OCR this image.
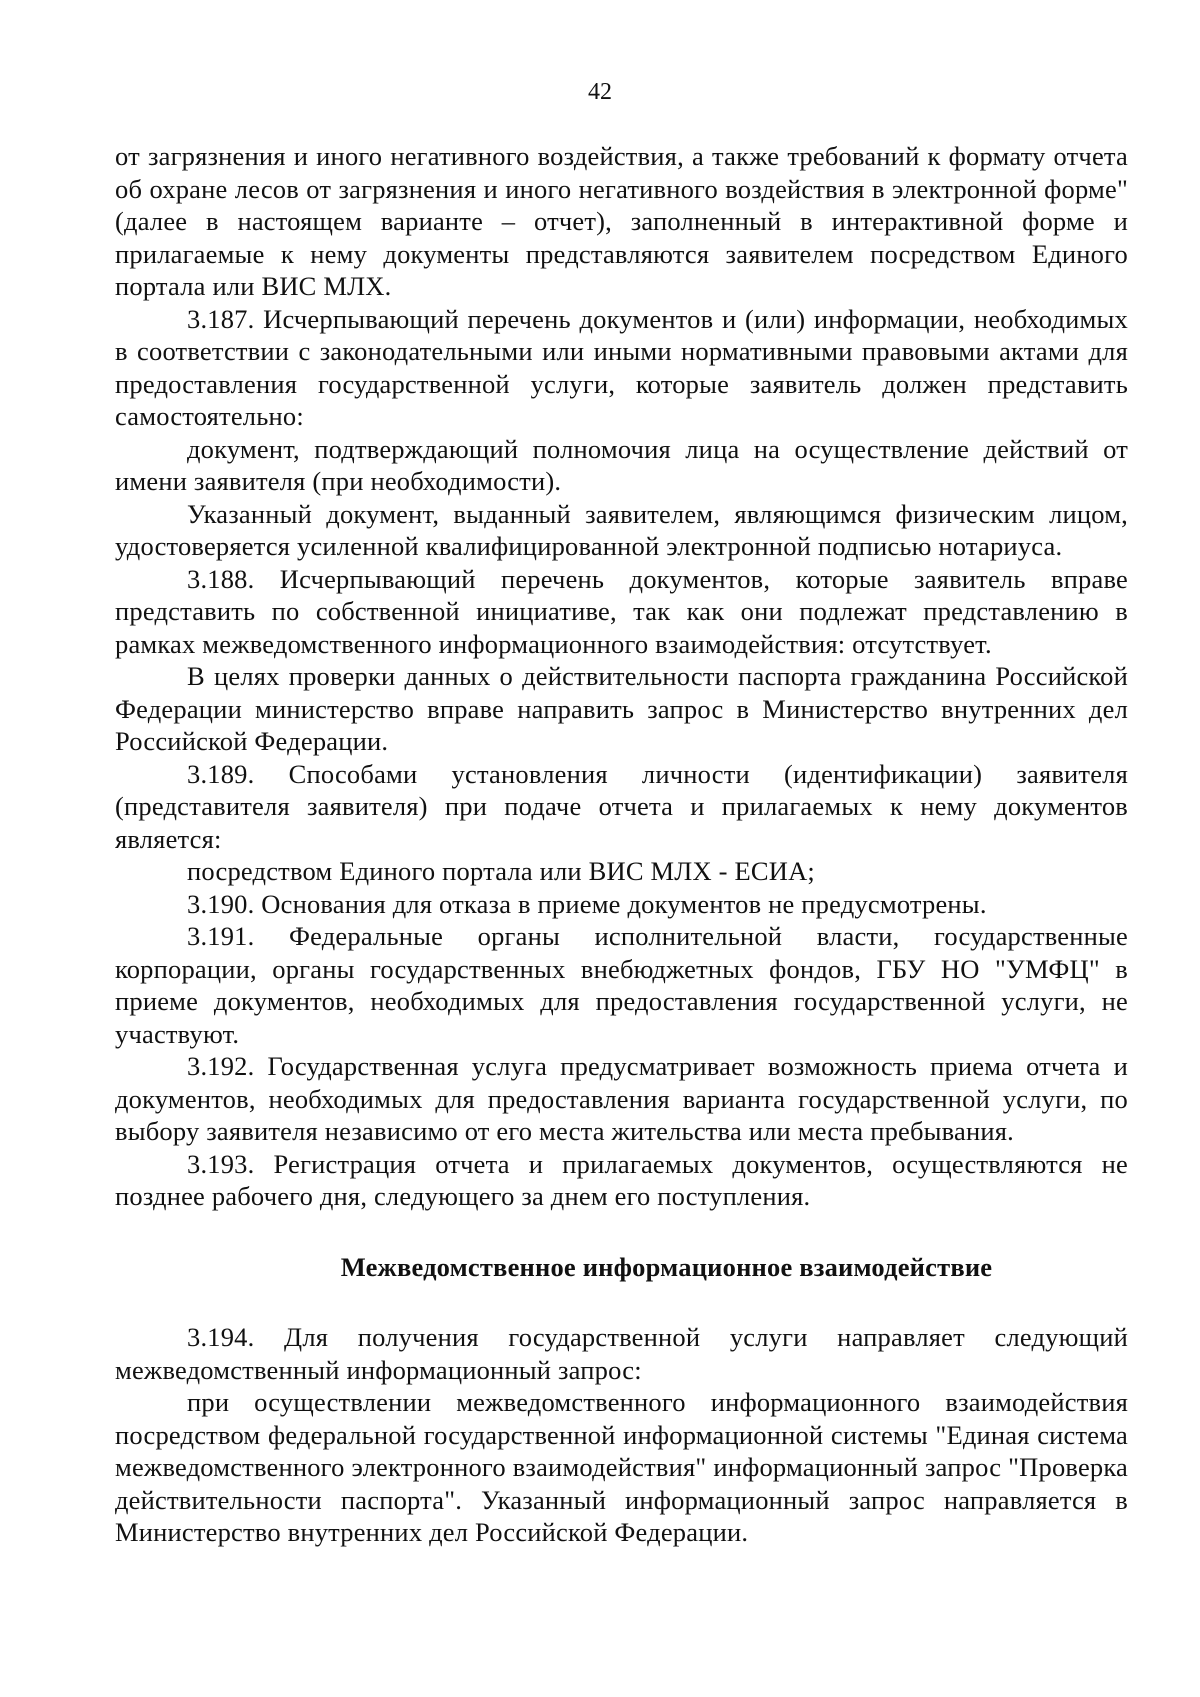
42

от загрязнения и иного негативного воздействия, а также требований к формату отчета об охране лесов от загрязнения и иного негативного воздействия в электронной форме" (далее в настоящем варианте – отчет), заполненный в интерактивной форме и прилагаемые к нему документы представляются заявителем посредством Единого портала или ВИС МЛХ.

3.187. Исчерпывающий перечень документов и (или) информации, необходимых в соответствии с законодательными или иными нормативными правовыми актами для предоставления государственной услуги, которые заявитель должен представить самостоятельно:

документ, подтверждающий полномочия лица на осуществление действий от имени заявителя (при необходимости).

Указанный документ, выданный заявителем, являющимся физическим лицом, удостоверяется усиленной квалифицированной электронной подписью нотариуса.

3.188. Исчерпывающий перечень документов, которые заявитель вправе представить по собственной инициативе, так как они подлежат представлению в рамках межведомственного информационного взаимодействия: отсутствует.

В целях проверки данных о действительности паспорта гражданина Российской Федерации министерство вправе направить запрос в Министерство внутренних дел Российской Федерации.

3.189. Способами установления личности (идентификации) заявителя (представителя заявителя) при подаче отчета и прилагаемых к нему документов является:

посредством Единого портала или ВИС МЛХ - ЕСИА;

3.190. Основания для отказа в приеме документов не предусмотрены.

3.191. Федеральные органы исполнительной власти, государственные корпорации, органы государственных внебюджетных фондов, ГБУ НО "УМФЦ" в приеме документов, необходимых для предоставления государственной услуги, не участвуют.

3.192. Государственная услуга предусматривает возможность приема отчета и документов, необходимых для предоставления варианта государственной услуги, по выбору заявителя независимо от его места жительства или места пребывания.

3.193. Регистрация отчета и прилагаемых документов, осуществляются не позднее рабочего дня, следующего за днем его поступления.

Межведомственное информационное взаимодействие

3.194. Для получения государственной услуги направляет следующий межведомственный информационный запрос:

при осуществлении межведомственного информационного взаимодействия посредством федеральной государственной информационной системы "Единая система межведомственного электронного взаимодействия" информационный запрос "Проверка действительности паспорта". Указанный информационный запрос направляется в Министерство внутренних дел Российской Федерации.
